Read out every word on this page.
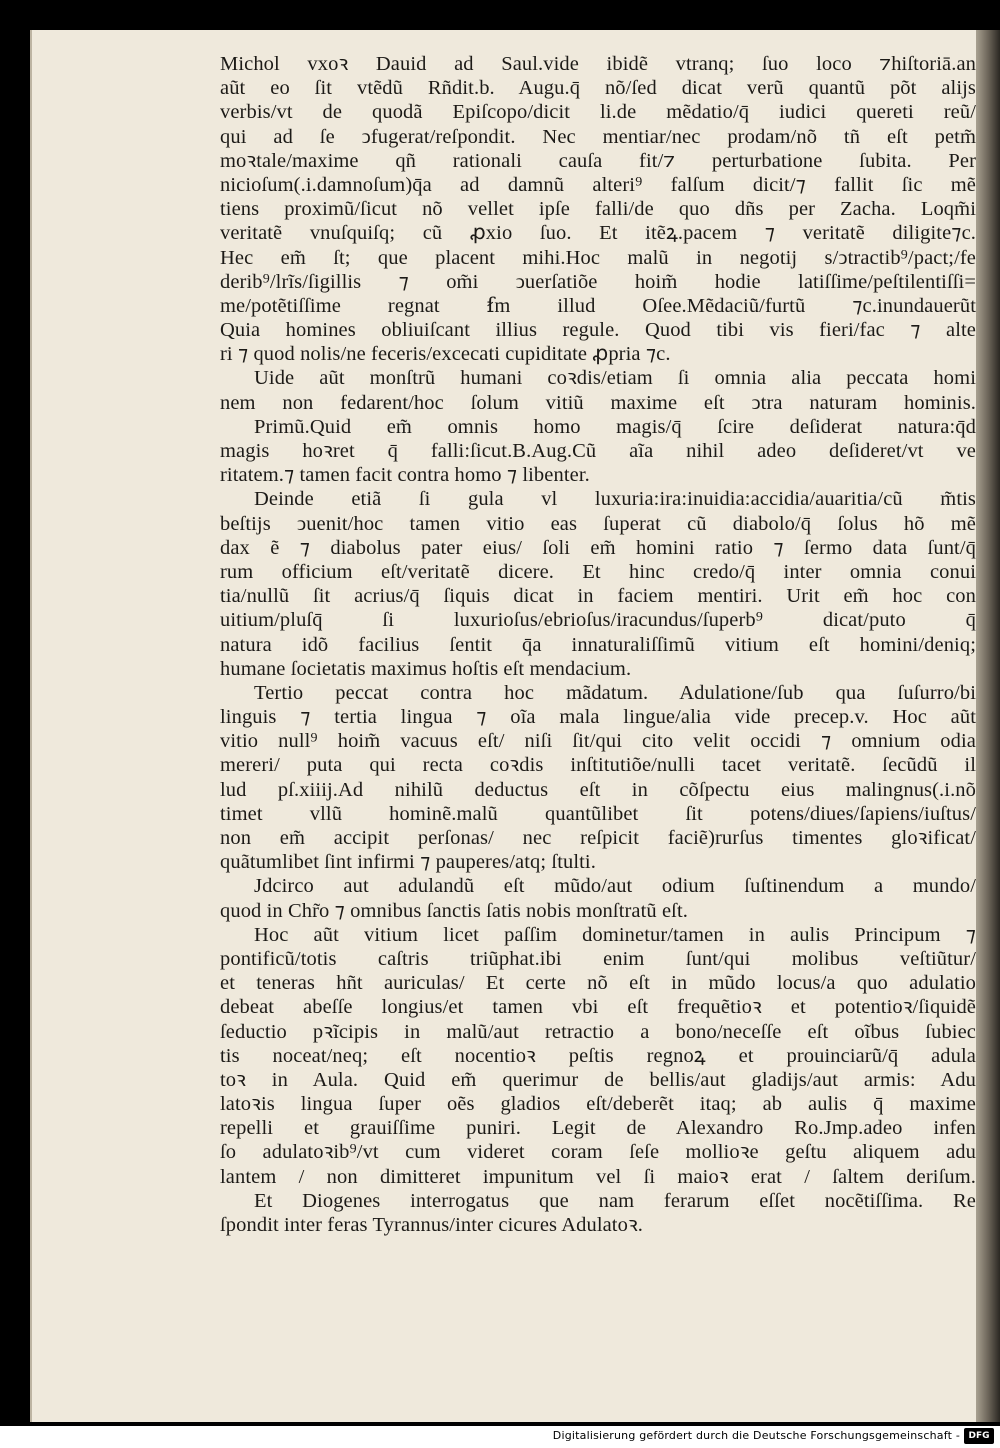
Michol vxoꝛ Dauid ad Saul.vide ibidẽ vtranq; ſuo loco ⁊hiſtoriā.an
aũt eo ſit vtẽdũ Rñdit.b. Augu.q̄ nõ/ſed dicat verũ quantũ põt alijs
verbis/vt de quodã Epiſcopo/dicit li.de mẽdatio/q̄ iudici quereti reũ/
qui ad ſe ↄfugerat/reſpondit. Nec mentiar/nec prodam/nõ tñ eſt petm̃
moꝛtale/maxime qñ rationali cauſa fit/⁊ perturbatione ſubita. Per
nicioſum(.i.damnoſum)q̄a ad damnũ alteri⁹ falſum dicit/⁊ fallit ſic mẽ
tiens proximũ/ſicut nõ vellet ipſe falli/de quo dñs per Zacha. Loqm̃i
veritatẽ vnuſquiſq; cũ ꝓxio ſuo. Et itẽꝝ.pacem ⁊ veritatẽ diligite⁊c.
Hec em̃ ſt; que placent mihi.Hoc malũ in negotij s/ↄtractib⁹/pact;/fe
derib⁹/lrĩs/ſigillis ⁊ om̃i ↄuerſatiõe hoim̃ hodie latiſſime/peſtilentiſſi=
me/potẽtiſſime regnat ẜm illud Oſee.Mẽdaciũ/furtũ ⁊c.inundauerũt
Quia homines obliuiſcant illius regule. Quod tibi vis fieri/fac ⁊ alte
ri ⁊ quod nolis/ne feceris/excecati cupiditate ꝓpria ⁊c.
Uide aũt monſtrũ humani coꝛdis/etiam ſi omnia alia peccata homi
nem non fedarent/hoc ſolum vitiũ maxime eſt ↄtra naturam hominis.
Primũ.Quid em̃ omnis homo magis/q̄ ſcire deſiderat natura:q̄d
magis hoꝛret q̄ falli:ſicut.B.Aug.Cũ aĩa nihil adeo deſideret/vt ve
ritatem.⁊ tamen facit contra homo ⁊ libenter.
Deinde etiã ſi gula vl luxuria:ira:inuidia:accidia/auaritia/cũ m̃tis
beſtijs ↄuenit/hoc tamen vitio eas ſuperat cũ diabolo/q̄ ſolus hõ mẽ
dax ẽ ⁊ diabolus pater eius/ ſoli em̃ homini ratio ⁊ ſermo data ſunt/q̄
rum officium eſt/veritatẽ dicere. Et hinc credo/q̄ inter omnia conui
tia/nullũ ſit acrius/q̄ ſiquis dicat in faciem mentiri. Urit em̃ hoc con
uitium/pluſq̄ ſi luxurioſus/ebrioſus/iracundus/ſuperb⁹ dicat/puto q̄
natura idõ facilius ſentit q̄a innaturaliſſimũ vitium eſt homini/deniq;
humane ſocietatis maximus hoſtis eſt mendacium.
Tertio peccat contra hoc mãdatum. Adulatione/ſub qua ſuſurro/bi
linguis ⁊ tertia lingua ⁊ oĩa mala lingue/alia vide precep.v. Hoc aũt
vitio null⁹ hoim̃ vacuus eſt/ niſi ſit/qui cito velit occidi ⁊ omnium odia
mereri/ puta qui recta coꝛdis inſtitutiõe/nulli tacet veritatẽ. ſecũdũ il
lud pſ.xiiij.Ad nihilũ deductus eſt in cõſpectu eius malingnus(.i.nõ
timet vllũ hominẽ.malũ quantũlibet ſit potens/diues/ſapiens/iuſtus/
non em̃ accipit perſonas/ nec reſpicit faciẽ)rurſus timentes gloꝛificat/
quãtumlibet ſint infirmi ⁊ pauperes/atq; ſtulti.
Jdcirco aut adulandũ eſt mũdo/aut odium ſuſtinendum a mundo/
quod in Chr̃o ⁊ omnibus ſanctis ſatis nobis monſtratũ eſt.
Hoc aũt vitium licet paſſim dominetur/tamen in aulis Principum ⁊
pontificũ/totis caſtris triũphat.ibi enim ſunt/qui molibus veſtiũtur/
et teneras hñt auriculas/ Et certe nõ eſt in mũdo locus/a quo adulatio
debeat abeſſe longius/et tamen vbi eſt frequẽtioꝛ et potentioꝛ/ſiquidẽ
ſeductio pꝛĩcipis in malũ/aut retractio a bono/neceſſe eſt oĩbus ſubiec
tis noceat/neq; eſt nocentioꝛ peſtis regnoꝝ et prouinciarũ/q̄ adula
toꝛ in Aula. Quid em̃ querimur de bellis/aut gladijs/aut armis: Adu
latoꝛis lingua ſuper oẽs gladios eſt/deberẽt itaq; ab aulis q̄ maxime
repelli et grauiſſime puniri. Legit de Alexandro Ro.Jmp.adeo infen
ſo adulatoꝛib⁹/vt cum videret coram ſeſe mollioꝛe geſtu aliquem adu
lantem / non dimitteret impunitum vel ſi maioꝛ erat / ſaltem deriſum.
Et Diogenes interrogatus que nam ferarum eſſet nocẽtiſſima. Re
ſpondit inter feras Tyrannus/inter cicures Adulatoꝛ.
Digitalisierung gefördert durch die Deutsche Forschungsgemeinschaft - DFG
